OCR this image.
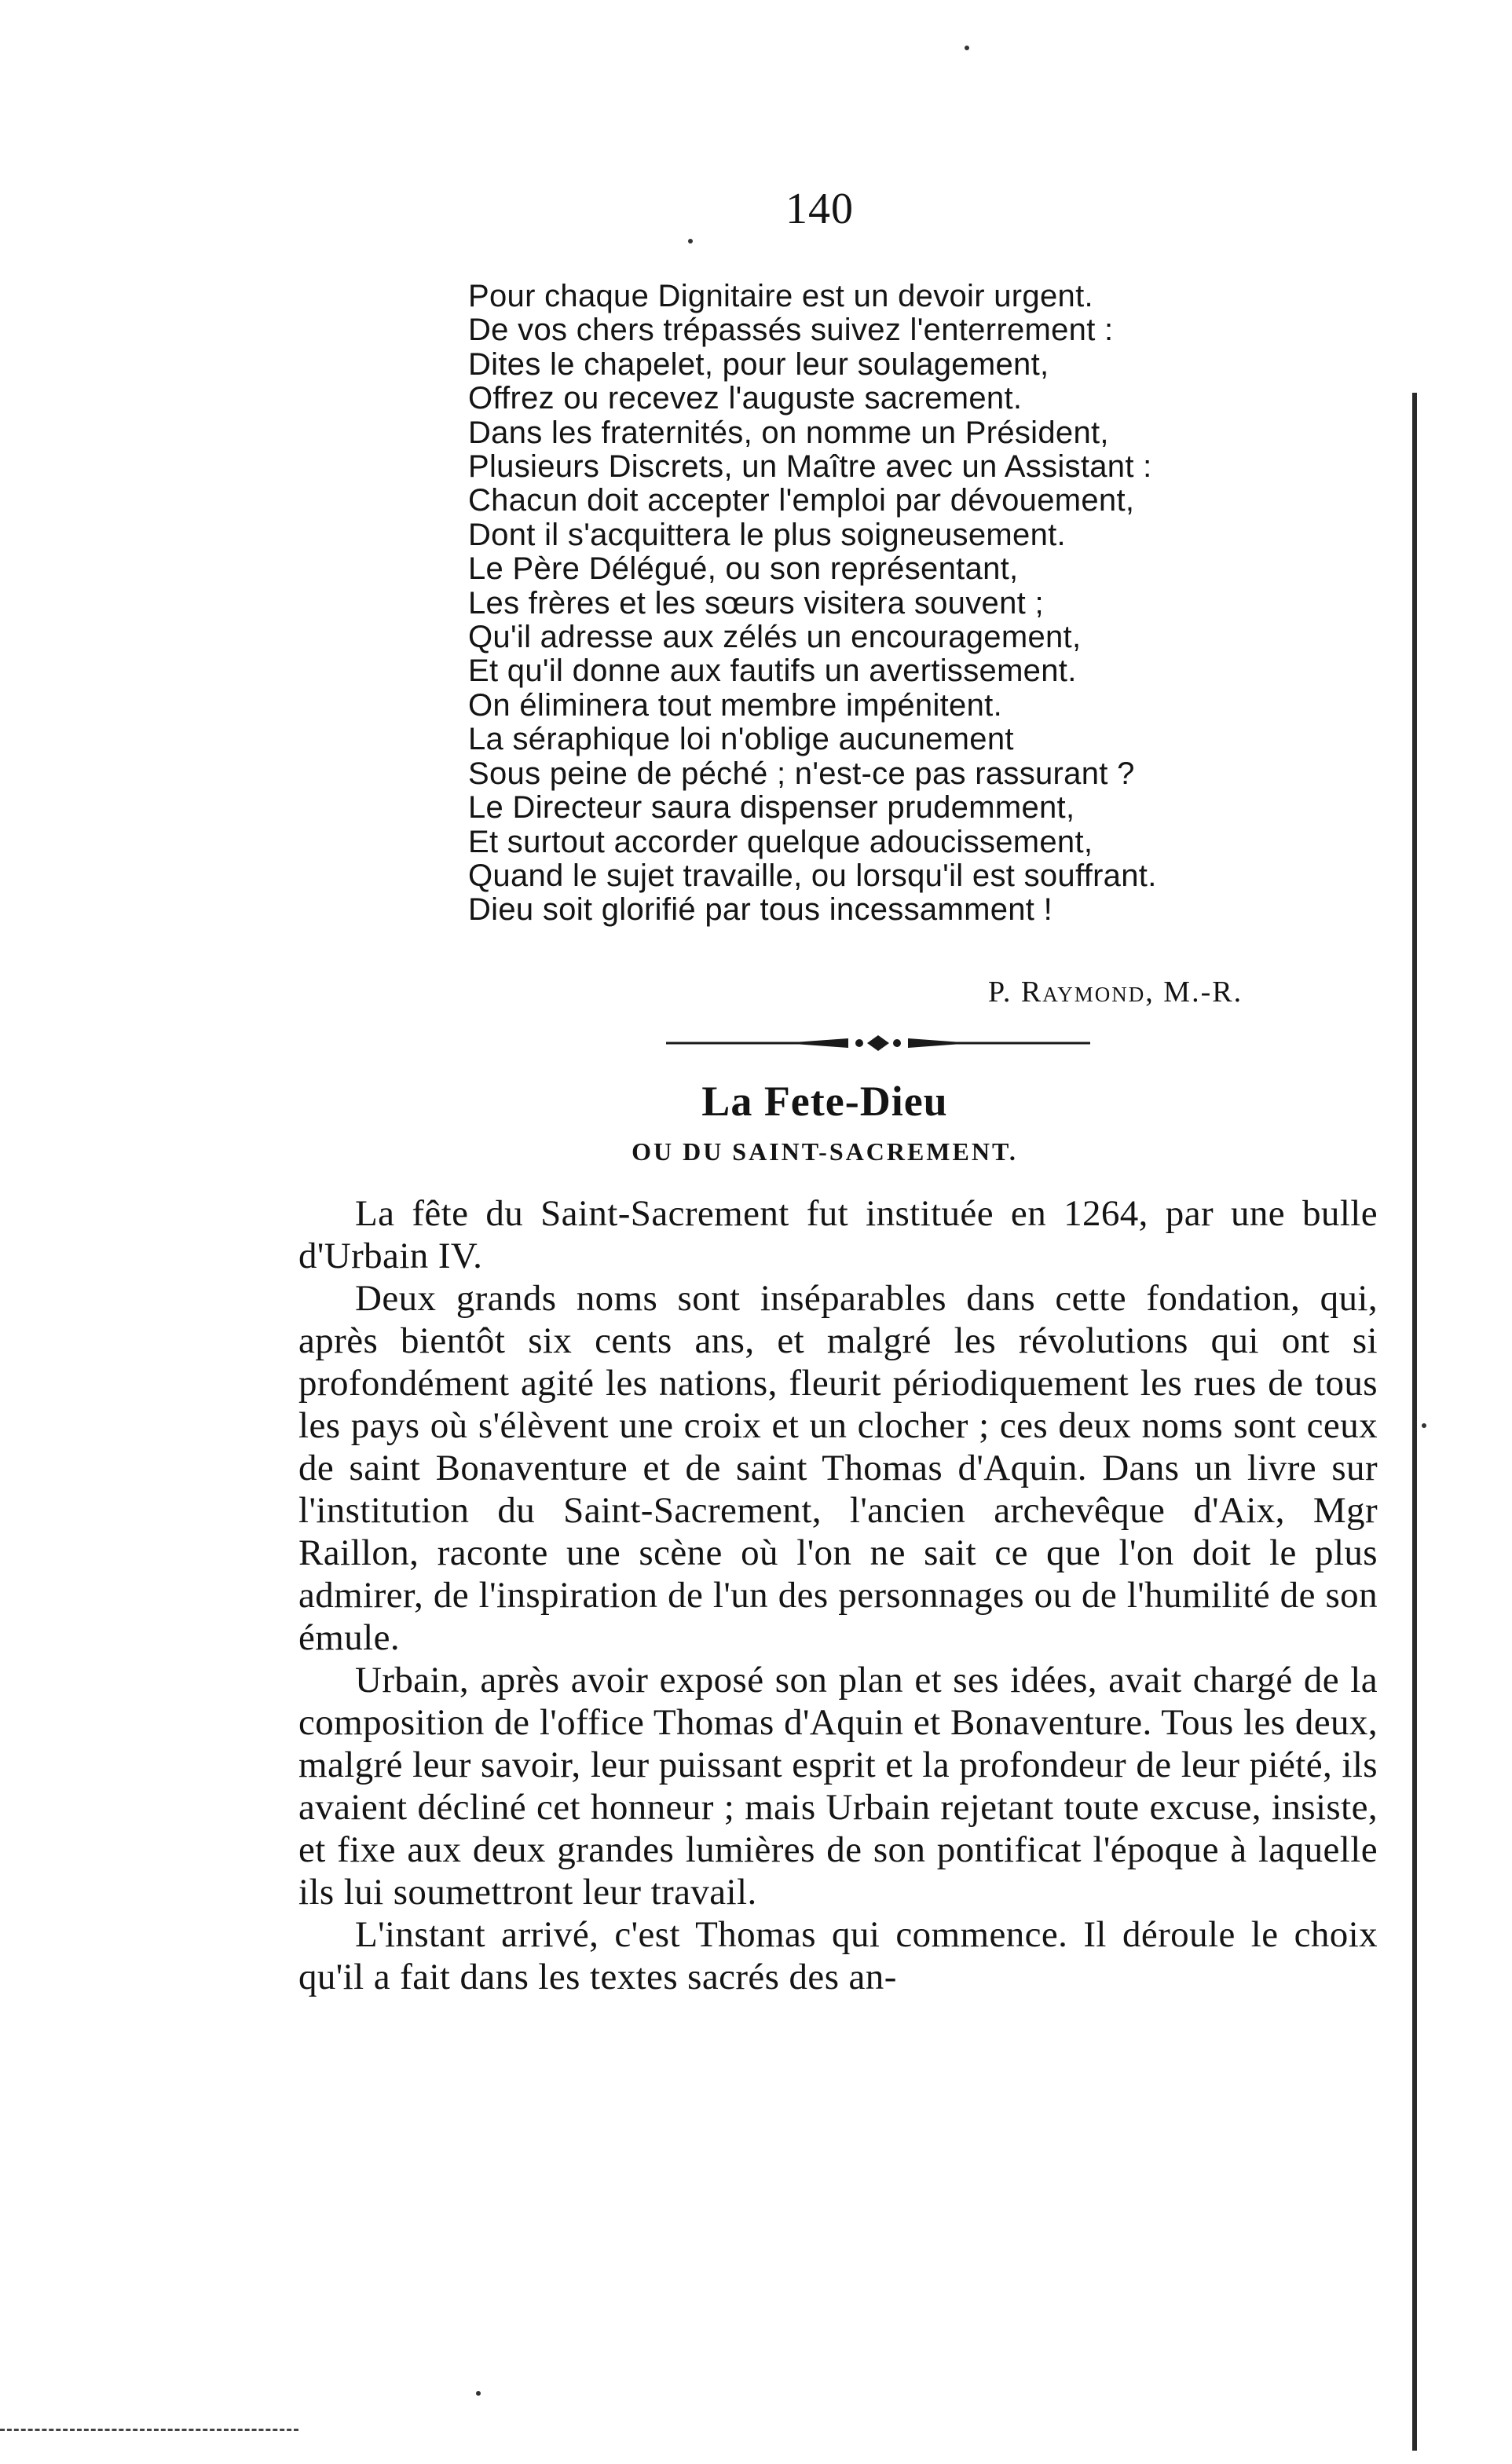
140
Pour chaque Dignitaire est un devoir urgent.
De vos chers trépassés suivez l'enterrement :
Dites le chapelet, pour leur soulagement,
Offrez ou recevez l'auguste sacrement.
Dans les fraternités, on nomme un Président,
Plusieurs Discrets, un Maître avec un Assistant :
Chacun doit accepter l'emploi par dévouement,
Dont il s'acquittera le plus soigneusement.
Le Père Délégué, ou son représentant,
Les frères et les sœurs visitera souvent ;
Qu'il adresse aux zélés un encouragement,
Et qu'il donne aux fautifs un avertissement.
On éliminera tout membre impénitent.
La séraphique loi n'oblige aucunement
Sous peine de péché ; n'est-ce pas rassurant ?
Le Directeur saura dispenser prudemment,
Et surtout accorder quelque adoucissement,
Quand le sujet travaille, ou lorsqu'il est souffrant.
Dieu soit glorifié par tous incessamment !
P. Raymond, M.-R.
La Fete-Dieu
OU DU SAINT-SACREMENT.

La fête du Saint-Sacrement fut instituée en 1264, par une bulle d'Urbain IV.

Deux grands noms sont inséparables dans cette fondation, qui, après bientôt six cents ans, et malgré les révolutions qui ont si profondément agité les nations, fleurit périodiquement les rues de tous les pays où s'élèvent une croix et un clocher ; ces deux noms sont ceux de saint Bonaventure et de saint Thomas d'Aquin. Dans un livre sur l'institution du Saint-Sacrement, l'ancien archevêque d'Aix, Mgr Raillon, raconte une scène où l'on ne sait ce que l'on doit le plus admirer, de l'inspiration de l'un des personnages ou de l'humilité de son émule.

Urbain, après avoir exposé son plan et ses idées, avait chargé de la composition de l'office Thomas d'Aquin et Bonaventure. Tous les deux, malgré leur savoir, leur puissant esprit et la profondeur de leur piété, ils avaient décliné cet honneur ; mais Urbain rejetant toute excuse, insiste, et fixe aux deux grandes lumières de son pontificat l'époque à laquelle ils lui soumettront leur travail.

L'instant arrivé, c'est Thomas qui commence. Il déroule le choix qu'il a fait dans les textes sacrés des an-
